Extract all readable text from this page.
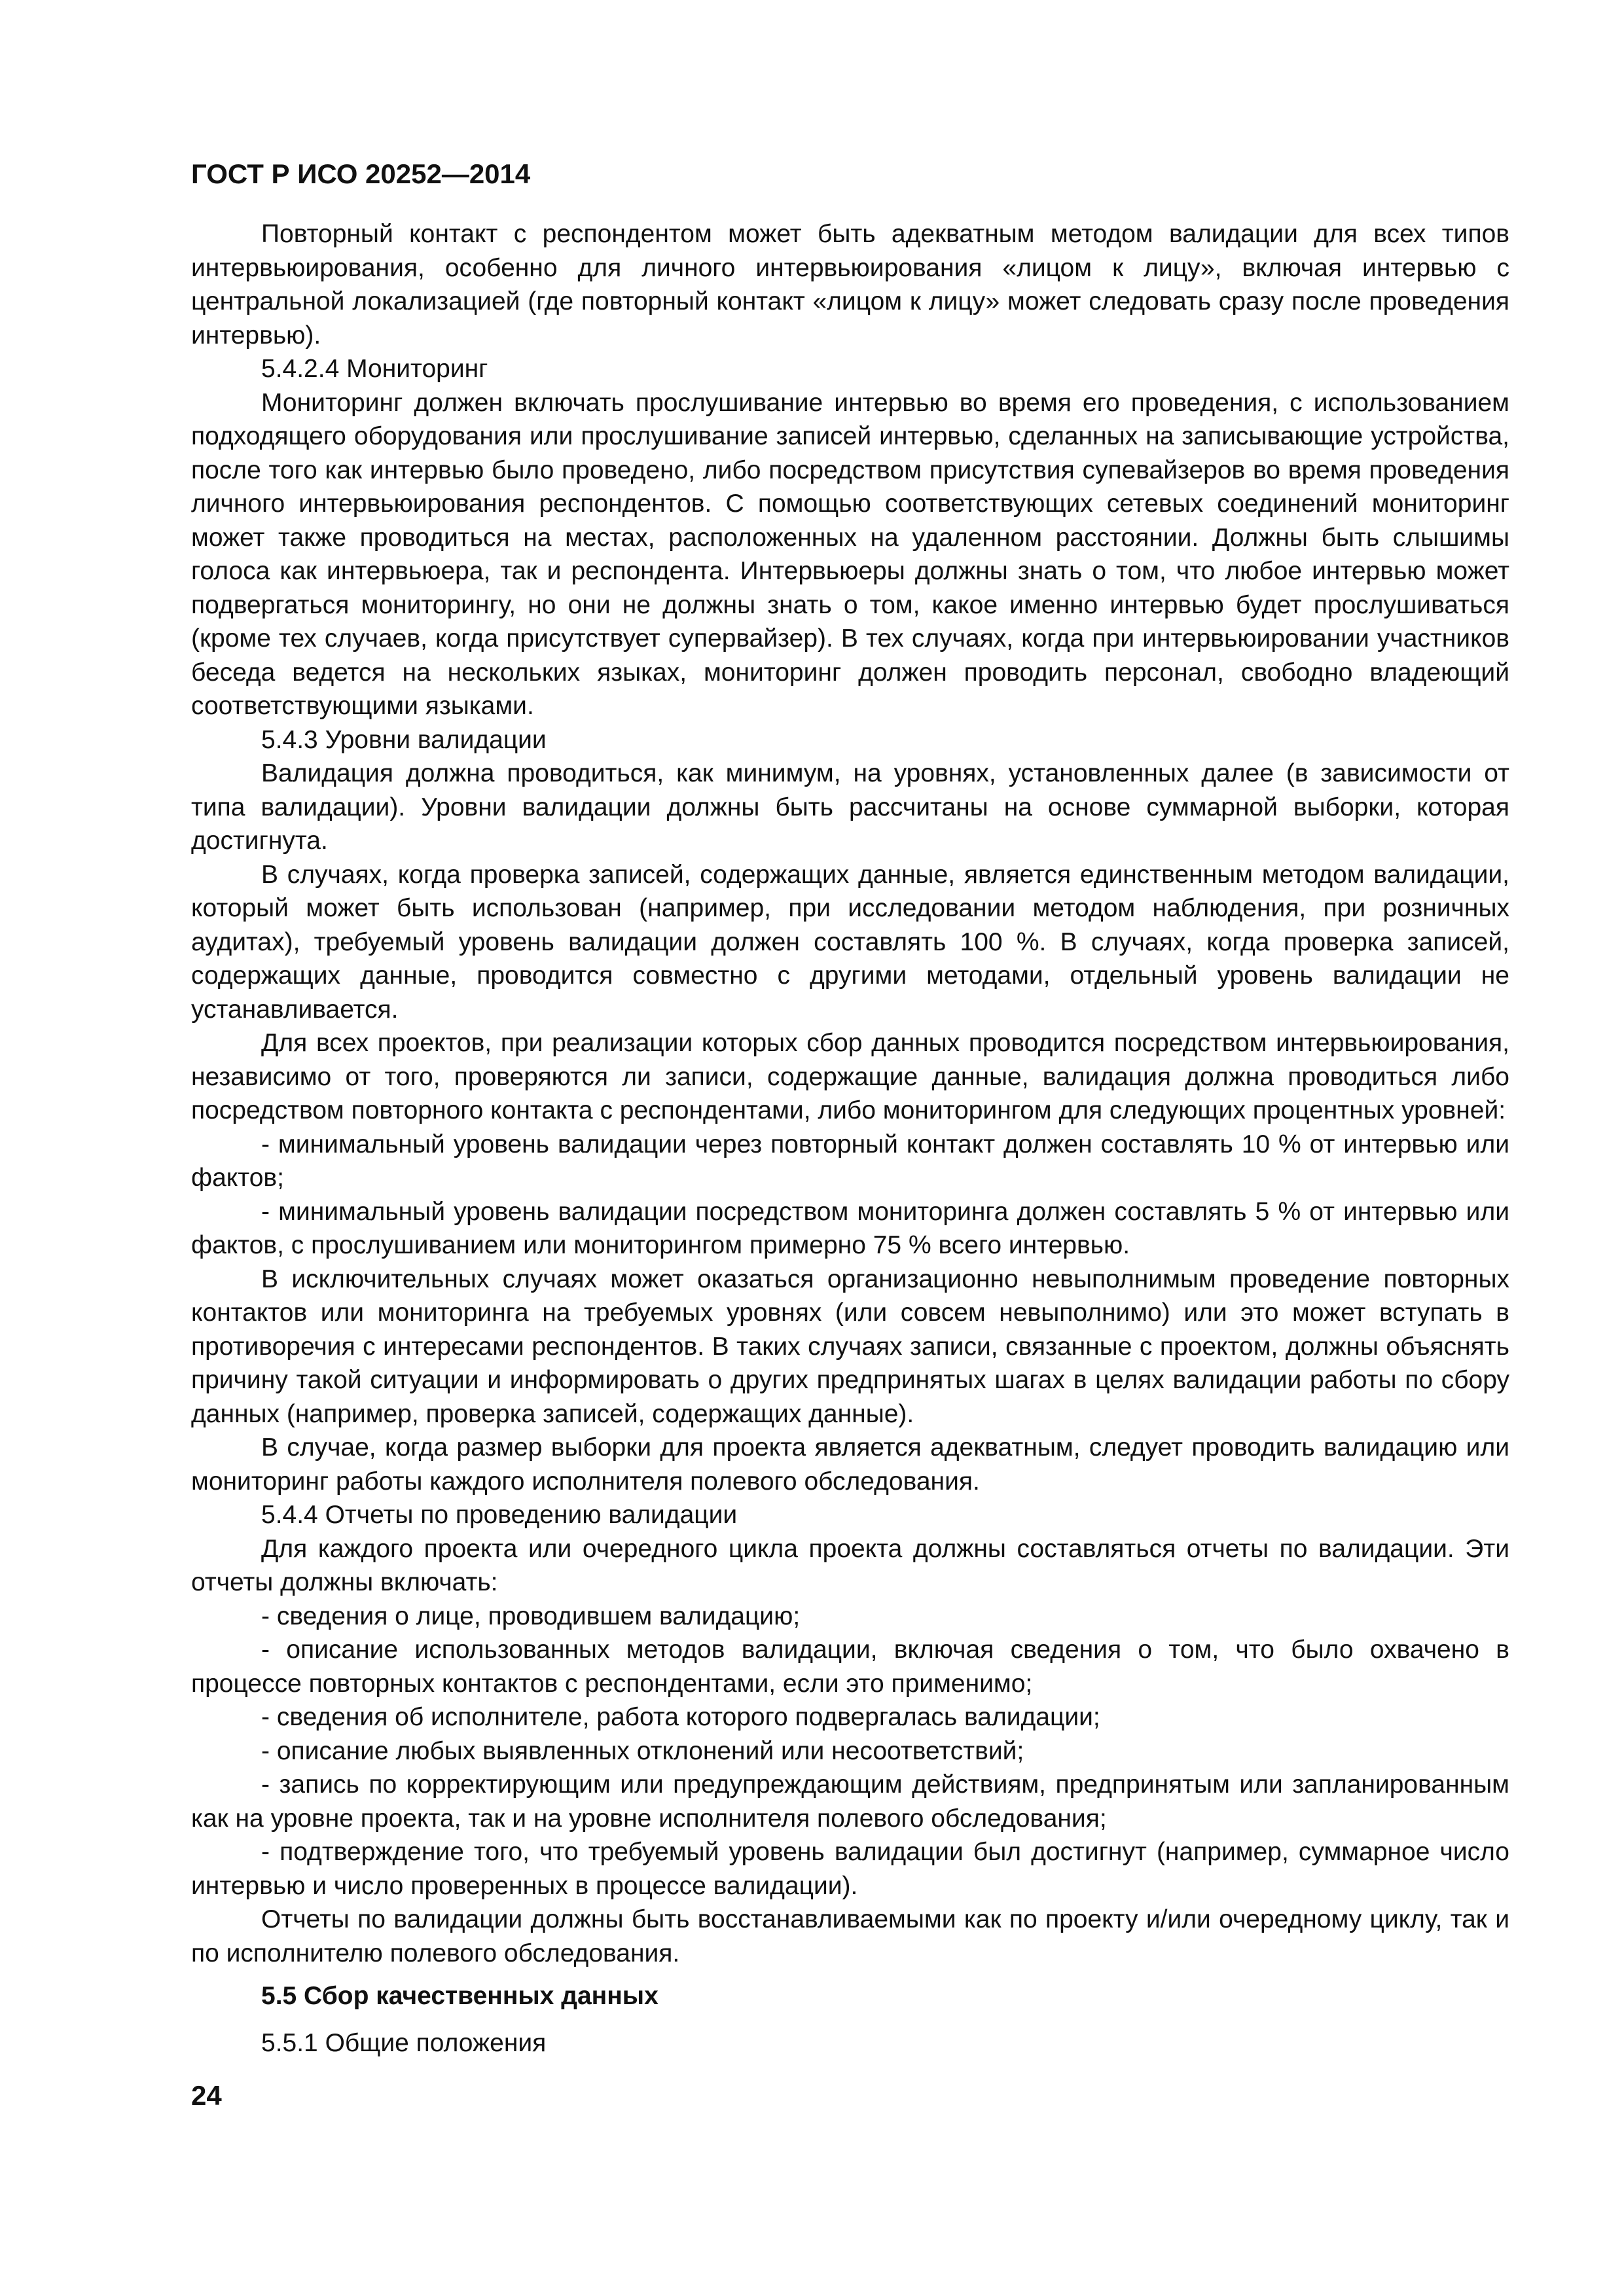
ГОСТ Р ИСО 20252—2014

Повторный контакт с респондентом может быть адекватным методом валидации для всех типов интервьюирования, особенно для личного интервьюирования «лицом к лицу», включая интервью с центральной локализацией (где повторный контакт «лицом к лицу» может следовать сразу после проведения интервью).

5.4.2.4 Мониторинг

Мониторинг должен включать прослушивание интервью во время его проведения, с использованием подходящего оборудования или прослушивание записей интервью, сделанных на записывающие устройства, после того как интервью было проведено, либо посредством присутствия супевайзеров во время проведения личного интервьюирования респондентов. С помощью соответствующих сетевых соединений мониторинг может также проводиться на местах, расположенных на удаленном расстоянии. Должны быть слышимы голоса как интервьюера, так и респондента. Интервьюеры должны знать о том, что любое интервью может подвергаться мониторингу, но они не должны знать о том, какое именно интервью будет прослушиваться (кроме тех случаев, когда присутствует супервайзер). В тех случаях, когда при интервьюировании участников беседа ведется на нескольких языках, мониторинг должен проводить персонал, свободно владеющий соответствующими языками.

5.4.3 Уровни валидации

Валидация должна проводиться, как минимум, на уровнях, установленных далее (в зависимости от типа валидации). Уровни валидации должны быть рассчитаны на основе суммарной выборки, которая достигнута.

В случаях, когда проверка записей, содержащих данные, является единственным методом валидации, который может быть использован (например, при исследовании методом наблюдения, при розничных аудитах), требуемый уровень валидации должен составлять 100 %. В случаях, когда проверка записей, содержащих данные, проводится совместно с другими методами, отдельный уровень валидации не устанавливается.

Для всех проектов, при реализации которых сбор данных проводится посредством интервьюирования, независимо от того, проверяются ли записи, содержащие данные, валидация должна проводиться либо посредством повторного контакта с респондентами, либо мониторингом для следующих процентных уровней:

- минимальный уровень валидации через повторный контакт должен составлять 10 % от интервью или фактов;

- минимальный уровень валидации посредством мониторинга должен составлять 5 % от интервью или фактов, с прослушиванием или мониторингом примерно 75 % всего интервью.

В исключительных случаях может оказаться организационно невыполнимым проведение повторных контактов или мониторинга на требуемых уровнях (или совсем невыполнимо) или это может вступать в противоречия с интересами респондентов. В таких случаях записи, связанные с проектом, должны объяснять причину такой ситуации и информировать о других предпринятых шагах в целях валидации работы по сбору данных (например, проверка записей, содержащих данные).

В случае, когда размер выборки для проекта является адекватным, следует проводить валидацию или мониторинг работы каждого исполнителя полевого обследования.

5.4.4 Отчеты по проведению валидации

Для каждого проекта или очередного цикла проекта должны составляться отчеты по валидации. Эти отчеты должны включать:

- сведения о лице, проводившем валидацию;

- описание использованных методов валидации, включая сведения о том, что было охвачено в процессе повторных контактов с респондентами, если это применимо;

- сведения об исполнителе, работа которого подвергалась валидации;

- описание любых выявленных отклонений или несоответствий;

- запись по корректирующим или предупреждающим действиям, предпринятым или запланированным как на уровне проекта, так и на уровне исполнителя полевого обследования;

- подтверждение того, что требуемый уровень валидации был достигнут (например, суммарное число интервью и число проверенных в процессе валидации).

Отчеты по валидации должны быть восстанавливаемыми как по проекту и/или очередному циклу, так и по исполнителю полевого обследования.

5.5 Сбор качественных данных

5.5.1 Общие положения

24
